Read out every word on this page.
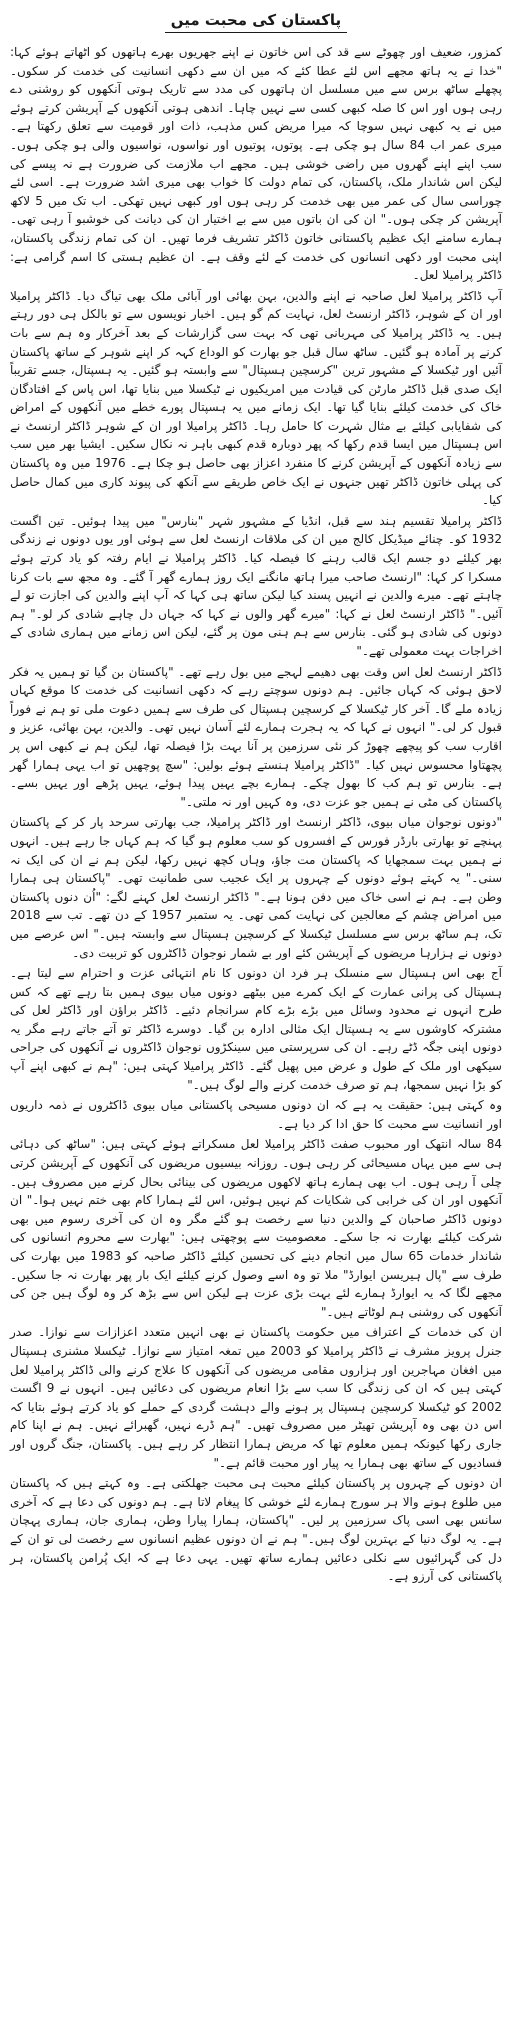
پاکستان کی محبت میں

کمزور، ضعیف اور چھوٹے سے قد کی اس خاتون نے اپنے جھریوں بھرے ہاتھوں کو اٹھاتے ہوئے کہا: "خدا نے یہ ہاتھ مجھے اس لئے عطا کئے کہ میں ان سے دکھی انسانیت کی خدمت کر سکوں۔ پچھلے ساٹھ برس سے میں مسلسل ان ہاتھوں کی مدد سے تاریک ہوتی آنکھوں کو روشنی دے رہی ہوں اور اس کا صلہ کبھی کسی سے نہیں چاہا۔ اندھی ہوتی آنکھوں کے آپریشن کرتے ہوئے میں نے یہ کبھی نہیں سوچا کہ میرا مریض کس مذہب، ذات اور قومیت سے تعلق رکھتا ہے۔ میری عمر اب 84 سال ہو چکی ہے۔ پوتوں، پوتیوں اور نواسوں، نواسیوں والی ہو چکی ہوں۔ سب اپنے اپنے گھروں میں راضی خوشی ہیں۔ مجھے اب ملازمت کی ضرورت ہے نہ پیسے کی لیکن اس شاندار ملک، پاکستان، کی تمام دولت کا خواب بھی میری اشد ضرورت ہے۔ اسی لئے چوراسی سال کی عمر میں بھی خدمت کر رہی ہوں اور کبھی نہیں تھکی۔ اب تک میں 5 لاکھ آپریشن کر چکی ہوں۔" ان کی ان باتوں میں سے بے اختیار ان کی دیانت کی خوشبو آ رہی تھی۔ ہمارے سامنے ایک عظیم پاکستانی خاتون ڈاکٹر تشریف فرما تھیں۔ ان کی تمام زندگی پاکستان، اپنی محبت اور دکھی انسانوں کی خدمت کے لئے وقف ہے۔ ان عظیم ہستی کا اسم گرامی ہے: ڈاکٹر پرامیلا لعل۔

آپ ڈاکٹر پرامیلا لعل صاحبہ نے اپنے والدین، بہن بھائی اور آبائی ملک بھی تیاگ دیا۔ ڈاکٹر پرامیلا اور ان کے شوہر، ڈاکٹر ارنسٹ لعل، نہایت کم گو ہیں۔ اخبار نویسوں سے تو بالکل ہی دور رہتے ہیں۔ یہ ڈاکٹر پرامیلا کی مہربانی تھی کہ بہت سی گزارشات کے بعد آخرکار وہ ہم سے بات کرنے پر آمادہ ہو گئیں۔ ساٹھ سال قبل جو بھارت کو الوداع کہہ کر اپنے شوہر کے ساتھ پاکستان آئیں اور ٹیکسلا کے مشہور ترین "کرسچین ہسپتال" سے وابستہ ہو گئیں۔ یہ ہسپتال، جسے تقریباً ایک صدی قبل ڈاکٹر مارٹن کی قیادت میں امریکیوں نے ٹیکسلا میں بنایا تھا، اس پاس کے افتادگان خاک کی خدمت کیلئے بنایا گیا تھا۔ ایک زمانے میں یہ ہسپتال پورے خطے میں آنکھوں کے امراض کی شفایابی کیلئے بے مثال شہرت کا حامل رہا۔ ڈاکٹر پرامیلا اور ان کے شوہر ڈاکٹر ارنسٹ نے اس ہسپتال میں ایسا قدم رکھا کہ پھر دوبارہ قدم کبھی باہر نہ نکال سکیں۔ ایشیا بھر میں سب سے زیادہ آنکھوں کے آپریشن کرنے کا منفرد اعزاز بھی حاصل ہو چکا ہے۔ 1976 میں وہ پاکستان کی پہلی خاتون ڈاکٹر تھیں جنہوں نے ایک خاص طریقے سے آنکھ کی پیوند کاری میں کمال حاصل کیا۔

ڈاکٹر پرامیلا تقسیم ہند سے قبل، انڈیا کے مشہور شہر "بنارس" میں پیدا ہوئیں۔ تین اگست 1932 کو۔ چنائے میڈیکل کالج میں ان کی ملاقات ارنسٹ لعل سے ہوئی اور یوں دونوں نے زندگی بھر کیلئے دو جسم ایک قالب رہنے کا فیصلہ کیا۔ ڈاکٹر پرامیلا نے ایام رفتہ کو یاد کرتے ہوئے مسکرا کر کہا: "ارنسٹ صاحب میرا ہاتھ مانگنے ایک روز ہمارے گھر آ گئے۔ وہ مجھ سے بات کرنا چاہتے تھے۔ میرے والدین نے انہیں پسند کیا لیکن ساتھ ہی کہا کہ آپ اپنے والدین کی اجازت تو لے آئیں۔" ڈاکٹر ارنسٹ لعل نے کہا: "میرے گھر والوں نے کہا کہ جہاں دل چاہے شادی کر لو۔" ہم دونوں کی شادی ہو گئی۔ بنارس سے ہم ہنی مون پر گئے، لیکن اس زمانے میں ہماری شادی کے اخراجات بہت معمولی تھے۔"

ڈاکٹر ارنسٹ لعل اس وقت بھی دھیمے لہجے میں بول رہے تھے۔ "پاکستان بن گیا تو ہمیں یہ فکر لاحق ہوئی کہ کہاں جائیں۔ ہم دونوں سوچتے رہے کہ دکھی انسانیت کی خدمت کا موقع کہاں زیادہ ملے گا۔ آخر کار ٹیکسلا کے کرسچین ہسپتال کی طرف سے ہمیں دعوت ملی تو ہم نے فوراً قبول کر لی۔" انہوں نے کہا کہ یہ ہجرت ہمارے لئے آسان نہیں تھی۔ والدین، بہن بھائی، عزیز و اقارب سب کو پیچھے چھوڑ کر نئی سرزمین پر آنا بہت بڑا فیصلہ تھا، لیکن ہم نے کبھی اس پر پچھتاوا محسوس نہیں کیا۔ "ڈاکٹر پرامیلا ہنستے ہوئے بولیں: "سچ پوچھیں تو اب یہی ہمارا گھر ہے۔ بنارس تو ہم کب کا بھول چکے۔ ہمارے بچے یہیں پیدا ہوئے، یہیں پڑھے اور یہیں بسے۔ پاکستان کی مٹی نے ہمیں جو عزت دی، وہ کہیں اور نہ ملتی۔"

"دونوں نوجوان میاں بیوی، ڈاکٹر ارنسٹ اور ڈاکٹر پرامیلا، جب بھارتی سرحد پار کر کے پاکستان پہنچے تو بھارتی بارڈر فورس کے افسروں کو سب معلوم ہو گیا کہ ہم کہاں جا رہے ہیں۔ انہوں نے ہمیں بہت سمجھایا کہ پاکستان مت جاؤ، وہاں کچھ نہیں رکھا، لیکن ہم نے ان کی ایک نہ سنی۔" یہ کہتے ہوئے دونوں کے چہروں پر ایک عجیب سی طمانیت تھی۔ "پاکستان ہی ہمارا وطن ہے۔ ہم نے اسی خاک میں دفن ہونا ہے۔" ڈاکٹر ارنسٹ لعل کہنے لگے: "اُن دنوں پاکستان میں امراض چشم کے معالجین کی نہایت کمی تھی۔ یہ ستمبر 1957 کے دن تھے۔ تب سے 2018 تک، ہم ساٹھ برس سے مسلسل ٹیکسلا کے کرسچین ہسپتال سے وابستہ ہیں۔" اس عرصے میں دونوں نے ہزارہا مریضوں کے آپریشن کئے اور بے شمار نوجوان ڈاکٹروں کو تربیت دی۔

آج بھی اس ہسپتال سے منسلک ہر فرد ان دونوں کا نام انتہائی عزت و احترام سے لیتا ہے۔ ہسپتال کی پرانی عمارت کے ایک کمرے میں بیٹھے دونوں میاں بیوی ہمیں بتا رہے تھے کہ کس طرح انہوں نے محدود وسائل میں بڑے بڑے کام سرانجام دئیے۔ ڈاکٹر براؤن اور ڈاکٹر لعل کی مشترکہ کاوشوں سے یہ ہسپتال ایک مثالی ادارہ بن گیا۔ دوسرے ڈاکٹر تو آتے جاتے رہے مگر یہ دونوں اپنی جگہ ڈٹے رہے۔ ان کی سرپرستی میں سینکڑوں نوجوان ڈاکٹروں نے آنکھوں کی جراحی سیکھی اور ملک کے طول و عرض میں پھیل گئے۔ ڈاکٹر پرامیلا کہتی ہیں: "ہم نے کبھی اپنے آپ کو بڑا نہیں سمجھا، ہم تو صرف خدمت کرنے والے لوگ ہیں۔"

وہ کہتی ہیں: حقیقت یہ ہے کہ ان دونوں مسیحی پاکستانی میاں بیوی ڈاکٹروں نے ذمہ داریوں اور انسانیت سے محبت کا حق ادا کر دیا ہے۔

84 سالہ انتھک اور محبوب صفت ڈاکٹر پرامیلا لعل مسکراتے ہوئے کہتی ہیں: "ساٹھ کی دہائی ہی سے میں یہاں مسیحائی کر رہی ہوں۔ روزانہ بیسیوں مریضوں کی آنکھوں کے آپریشن کرتی چلی آ رہی ہوں۔ اب بھی ہمارے ہاتھ لاکھوں مریضوں کی بینائی بحال کرنے میں مصروف ہیں۔ آنکھوں اور ان کی خرابی کی شکایات کم نہیں ہوئیں، اس لئے ہمارا کام بھی ختم نہیں ہوا۔" ان دونوں ڈاکٹر صاحبان کے والدین دنیا سے رخصت ہو گئے مگر وہ ان کی آخری رسوم میں بھی شرکت کیلئے بھارت نہ جا سکے۔ معصومیت سے پوچھتی ہیں: "بھارت سے محروم انسانوں کی شاندار خدمات 65 سال میں انجام دینے کی تحسین کیلئے ڈاکٹر صاحبہ کو 1983 میں بھارت کی طرف سے "پال ہیریسن ایوارڈ" ملا تو وہ اسے وصول کرنے کیلئے ایک بار پھر بھارت نہ جا سکیں۔ مجھے لگا کہ یہ ایوارڈ ہمارے لئے بہت بڑی عزت ہے لیکن اس سے بڑھ کر وہ لوگ ہیں جن کی آنکھوں کی روشنی ہم لوٹاتے ہیں۔"

ان کی خدمات کے اعتراف میں حکومت پاکستان نے بھی انہیں متعدد اعزازات سے نوازا۔ صدر جنرل پرویز مشرف نے ڈاکٹر پرامیلا کو 2003 میں تمغہ امتیاز سے نوازا۔ ٹیکسلا مشنری ہسپتال میں افغان مہاجرین اور ہزاروں مقامی مریضوں کی آنکھوں کا علاج کرنے والی ڈاکٹر پرامیلا لعل کہتی ہیں کہ ان کی زندگی کا سب سے بڑا انعام مریضوں کی دعائیں ہیں۔ انہوں نے 9 اگست 2002 کو ٹیکسلا کرسچین ہسپتال پر ہونے والے دہشت گردی کے حملے کو یاد کرتے ہوئے بتایا کہ اس دن بھی وہ آپریشن تھیٹر میں مصروف تھیں۔ "ہم ڈرے نہیں، گھبرائے نہیں۔ ہم نے اپنا کام جاری رکھا کیونکہ ہمیں معلوم تھا کہ مریض ہمارا انتظار کر رہے ہیں۔ پاکستان، جنگ گروں اور فسادیوں کے ساتھ بھی ہمارا یہ پیار اور محبت قائم ہے۔"

ان دونوں کے چہروں پر پاکستان کیلئے محبت ہی محبت جھلکتی ہے۔ وہ کہتے ہیں کہ پاکستان میں طلوع ہونے والا ہر سورج ہمارے لئے خوشی کا پیغام لاتا ہے۔ ہم دونوں کی دعا ہے کہ آخری سانس بھی اسی پاک سرزمین پر لیں۔ "پاکستان، ہمارا پیارا وطن، ہماری جان، ہماری پہچان ہے۔ یہ لوگ دنیا کے بہترین لوگ ہیں۔" ہم نے ان دونوں عظیم انسانوں سے رخصت لی تو ان کے دل کی گہرائیوں سے نکلی دعائیں ہمارے ساتھ تھیں۔ یہی دعا ہے کہ ایک پُرامن پاکستان، ہر پاکستانی کی آرزو ہے۔
